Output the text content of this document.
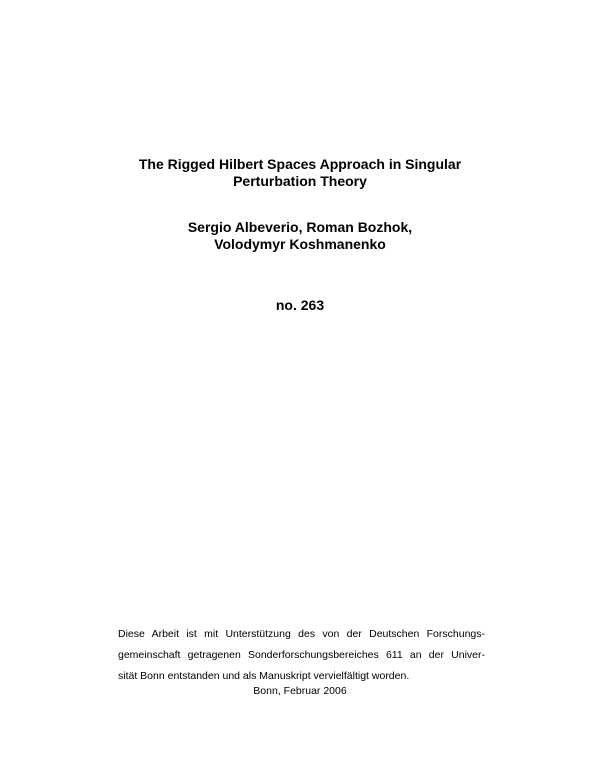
The Rigged Hilbert Spaces Approach in Singular
Perturbation Theory
Sergio Albeverio, Roman Bozhok,
Volodymyr Koshmanenko
no. 263
Diese Arbeit ist mit Unterstützung des von der Deutschen Forschungs-
gemeinschaft getragenen Sonderforschungsbereiches 611 an der Univer-
sität Bonn entstanden und als Manuskript vervielfältigt worden.
Bonn, Februar 2006
